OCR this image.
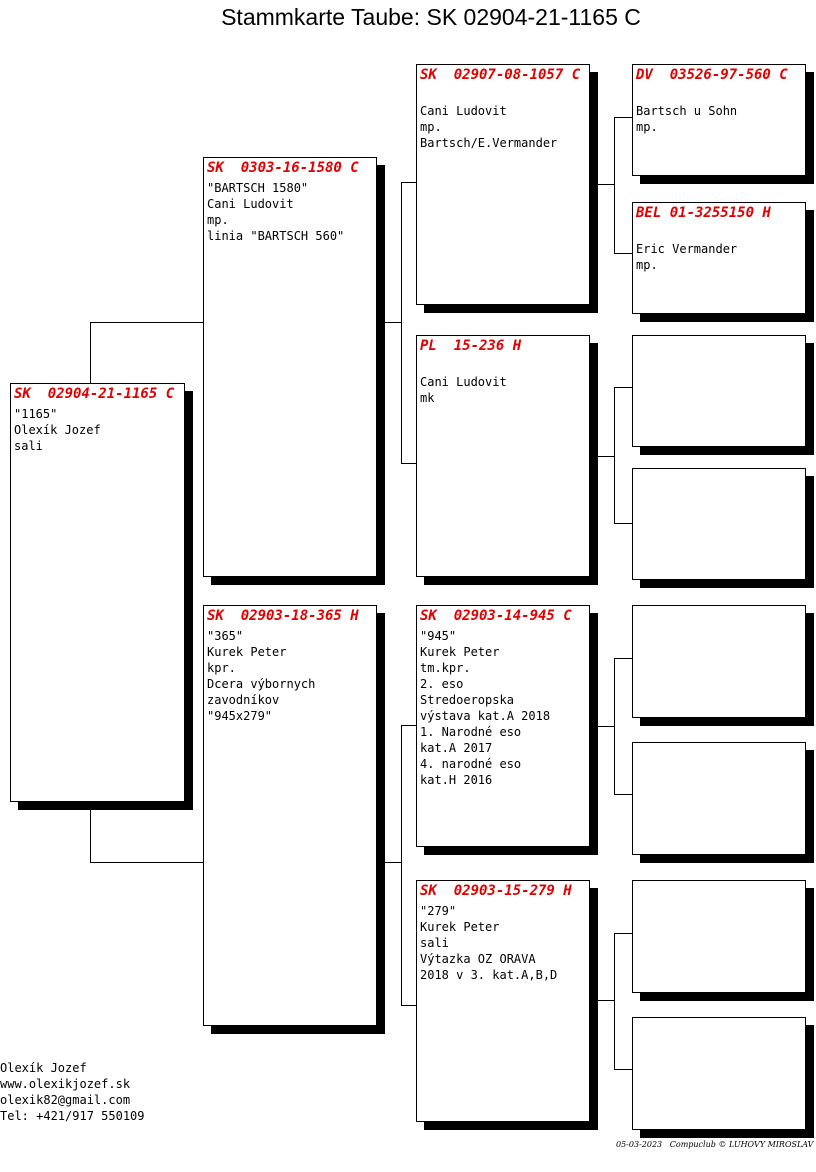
Stammkarte Taube: SK 02904-21-1165 C
SK  02904-21-1165 C
"1165"
Olexík Jozef
sali
SK  0303-16-1580 C
"BARTSCH 1580"
Cani Ludovit
mp.
linia "BARTSCH 560"
SK  02903-18-365 H
"365"
Kurek Peter
kpr.
Dcera výbornych
zavodníkov
"945x279"
SK  02907-08-1057 C

Cani Ludovit
mp.
Bartsch/E.Vermander
PL  15-236 H

Cani Ludovit
mk
SK  02903-14-945 C
"945"
Kurek Peter
tm.kpr.
2. eso
Stredoeropska
výstava kat.A 2018
1. Narodné eso
kat.A 2017
4. narodné eso
kat.H 2016
SK  02903-15-279 H
"279"
Kurek Peter
sali
Výtazka OZ ORAVA
2018 v 3. kat.A,B,D
DV  03526-97-560 C

Bartsch u Sohn
mp.
BEL 01-3255150 H

Eric Vermander
mp.

Olexík Jozef
www.olexikjozef.sk
olexik82@gmail.com
Tel: +421/917 550109
05-03-2023   Compuclub © LUHOVY MIROSLAV
